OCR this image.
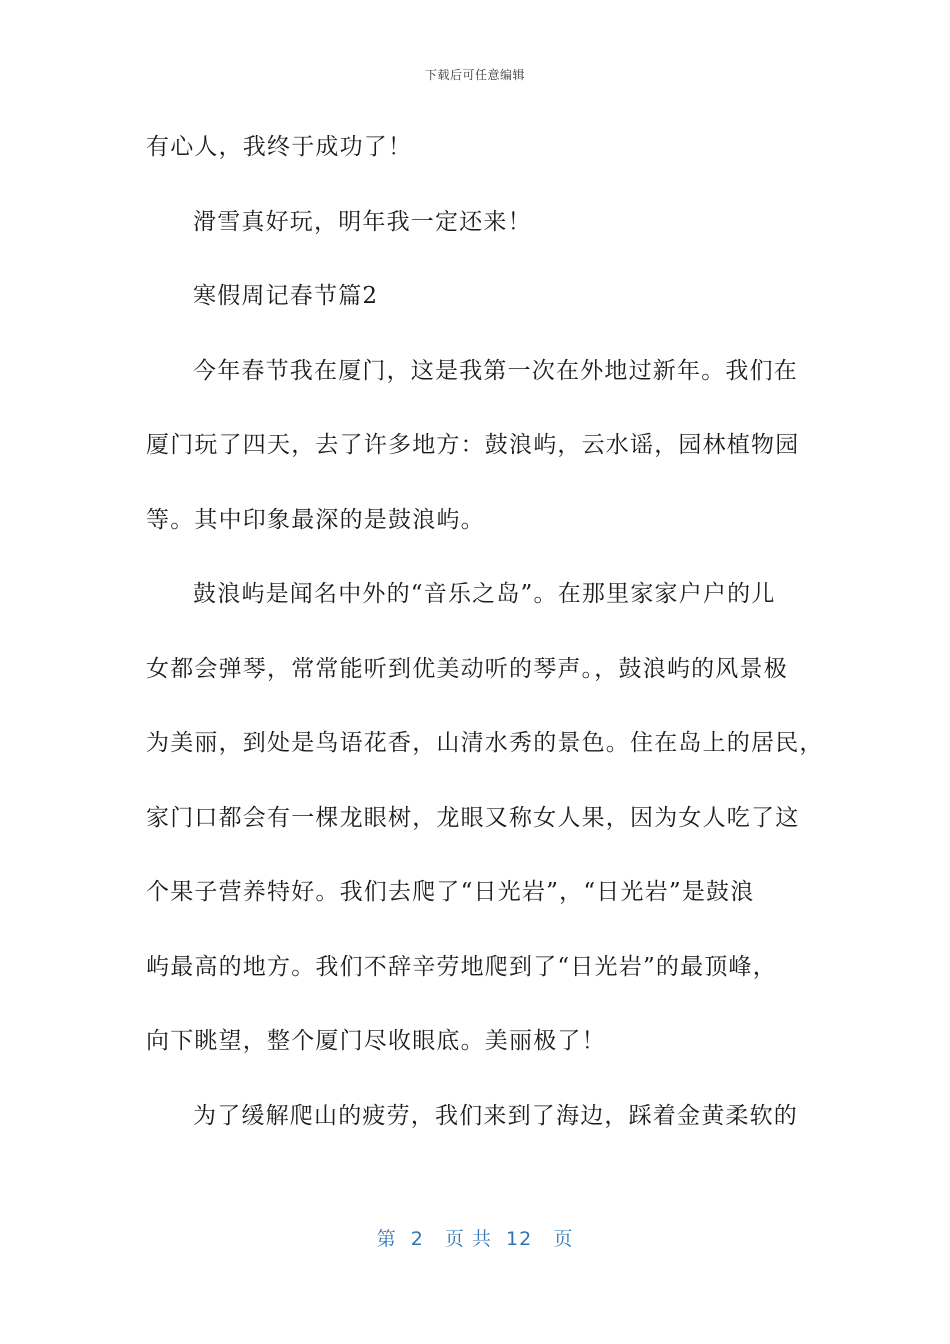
下载后可任意编辑
有心人，我终于成功了！
滑雪真好玩，明年我一定还来！
寒假周记春节篇2
今年春节我在厦门，这是我第一次在外地过新年。我们在
厦门玩了四天，去了许多地方：鼓浪屿，云水谣，园林植物园
等。其中印象最深的是鼓浪屿。
鼓浪屿是闻名中外的“音乐之岛”。在那里家家户户的儿
女都会弹琴，常常能听到优美动听的琴声。，鼓浪屿的风景极
为美丽，到处是鸟语花香，山清水秀的景色。住在岛上的居民，
家门口都会有一棵龙眼树，龙眼又称女人果，因为女人吃了这
个果子营养特好。我们去爬了“日光岩”，“日光岩”是鼓浪
屿最高的地方。我们不辞辛劳地爬到了“日光岩”的最顶峰，
向下眺望，整个厦门尽收眼底。美丽极了！
为了缓解爬山的疲劳，我们来到了海边，踩着金黄柔软的
第  2   页 共  12   页
